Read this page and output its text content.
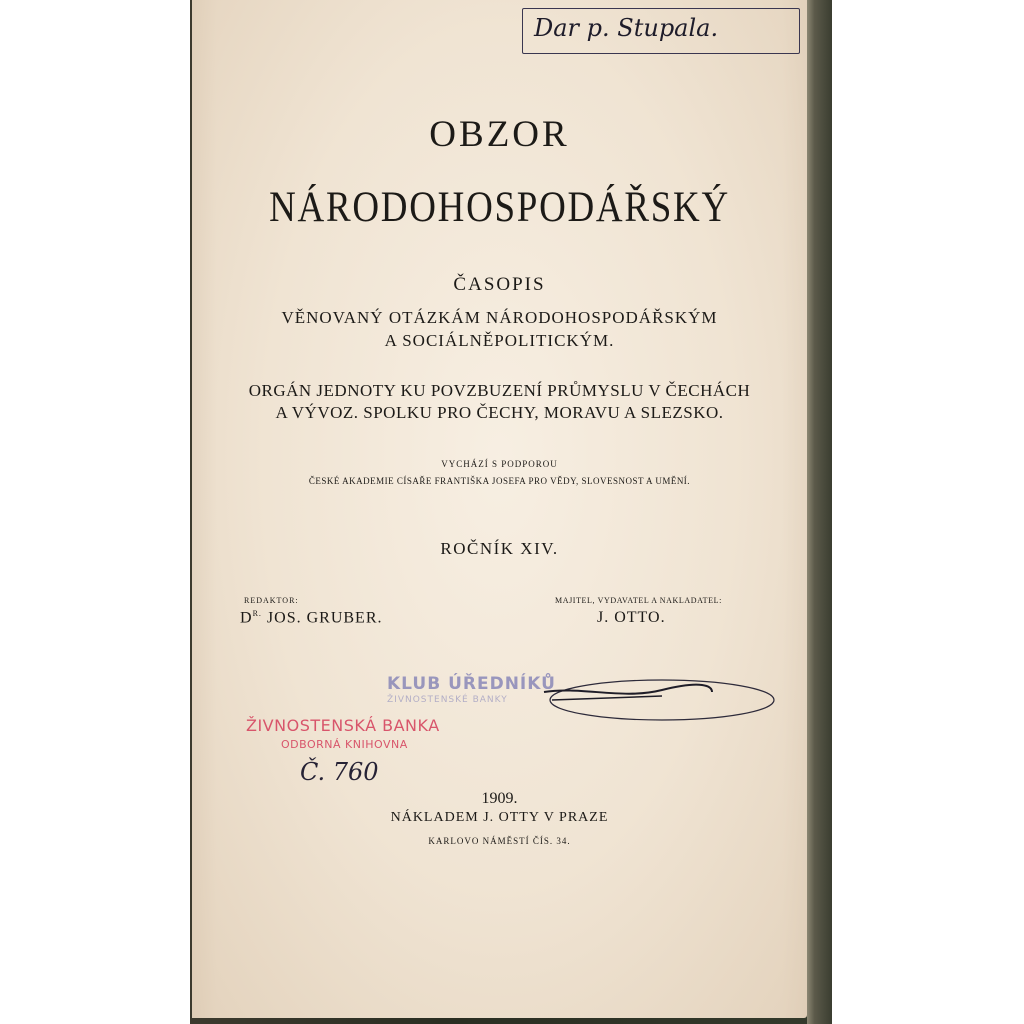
Dar p. Stupala.
OBZOR
NÁRODOHOSPODÁŘSKÝ
ČASOPIS
VĚNOVANÝ OTÁZKÁM NÁRODOHOSPODÁŘSKÝM
A SOCIÁLNĚPOLITICKÝM.
ORGÁN JEDNOTY KU POVZBUZENÍ PRŮMYSLU V ČECHÁCH
A VÝVOZ. SPOLKU PRO ČECHY, MORAVU A SLEZSKO.
VYCHÁZÍ S PODPOROU
ČESKÉ AKADEMIE CÍSAŘE FRANTIŠKA JOSEFA PRO VĚDY, SLOVESNOST A UMĚNÍ.
ROČNÍK XIV.
REDAKTOR:
$D^{R.}$ JOS. GRUBER.
MAJITEL, VYDAVATEL A NAKLADATEL:
J. OTTO.
KLUB ÚŘEDNÍKŮ
ŽIVNOSTENSKÉ BANKY
ŽIVNOSTENSKÁ BANKA
ODBORNÁ KNIHOVNA
Č. 760
1909.
NÁKLADEM J. OTTY V PRAZE
KARLOVO NÁMĚSTÍ ČÍS. 34.
